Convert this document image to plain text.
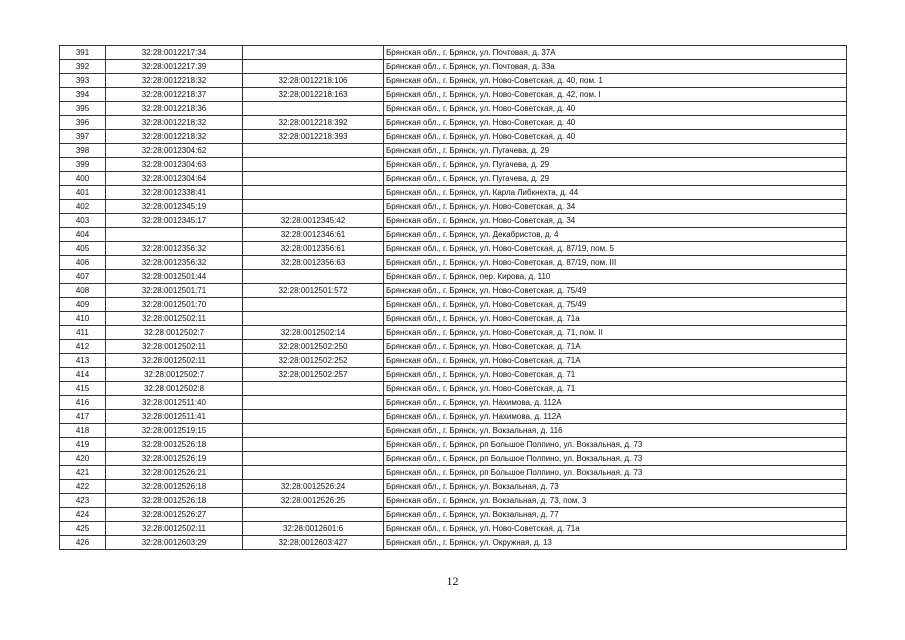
391	32:28:0012217:34		Брянская обл., г. Брянск, ул. Почтовая, д. 37А
392	32:28:0012217:39		Брянская обл., г. Брянск, ул. Почтовая, д. 33а
393	32:28:0012218:32	32:28:0012218:106	Брянская обл., г. Брянск, ул. Ново-Советская, д. 40, пом. 1
394	32:28:0012218:37	32:28:0012218:163	Брянская обл., г. Брянск, ул. Ново-Советская, д. 42, пом. I
395	32:28:0012218:36		Брянская обл., г. Брянск, ул. Ново-Советская, д. 40
396	32:28:0012218:32	32:28:0012218:392	Брянская обл., г. Брянск, ул. Ново-Советская, д. 40
397	32:28:0012218:32	32:28:0012218:393	Брянская обл., г. Брянск, ул. Ново-Советская, д. 40
398	32:28:0012304:62		Брянская обл., г. Брянск, ул. Пугачева, д. 29
399	32:28:0012304:63		Брянская обл., г. Брянск, ул. Пугачева, д. 29
400	32:28:0012304:64		Брянская обл., г. Брянск, ул. Пугачева, д. 29
401	32:28:0012338:41		Брянская обл., г. Брянск, ул. Карла Либкнехта, д. 44
402	32:28:0012345:19		Брянская обл., г. Брянск, ул. Ново-Советская, д. 34
403	32:28:0012345:17	32:28:0012345:42	Брянская обл., г. Брянск, ул. Ново-Советская, д. 34
404		32:28:0012346:61	Брянская обл., г. Брянск, ул. Декабристов, д. 4
405	32:28:0012356:32	32:28:0012356:61	Брянская обл., г. Брянск, ул. Ново-Советская, д. 87/19, пом. 5
406	32:28:0012356:32	32:28:0012356:63	Брянская обл., г. Брянск, ул. Ново-Советская, д. 87/19, пом. III
407	32:28:0012501:44		Брянская обл., г. Брянск, пер. Кирова, д. 110
408	32:28:0012501:71	32:28:0012501:572	Брянская обл., г. Брянск, ул. Ново-Советская, д. 75/49
409	32:28:0012501:70		Брянская обл., г. Брянск, ул. Ново-Советская, д. 75/49
410	32:28:0012502:11		Брянская обл., г. Брянск, ул. Ново-Советская, д. 71а
411	32:28:0012502:7	32:28:0012502:14	Брянская обл., г. Брянск, ул. Ново-Советская, д. 71, пом. II
412	32:28:0012502:11	32:28:0012502:250	Брянская обл., г. Брянск, ул. Ново-Советская, д. 71А
413	32:28:0012502:11	32:28:0012502:252	Брянская обл., г. Брянск, ул. Ново-Советская, д. 71А
414	32:28:0012502:7	32:28:0012502:257	Брянская обл., г. Брянск, ул. Ново-Советская, д. 71
415	32:28:0012502:8		Брянская обл., г. Брянск, ул. Ново-Советская, д. 71
416	32:28:0012511:40		Брянская обл., г. Брянск, ул. Нахимова, д. 112А
417	32:28:0012511:41		Брянская обл., г. Брянск, ул. Нахимова, д. 112А
418	32:28:0012519:15		Брянская обл., г. Брянск, ул. Вокзальная, д. 116
419	32:28:0012526:18		Брянская обл., г. Брянск, рп Большое Полпино, ул. Вокзальная, д. 73
420	32:28:0012526:19		Брянская обл., г. Брянск, рп Большое Полпино, ул. Вокзальная, д. 73
421	32:28:0012526:21		Брянская обл., г. Брянск, рп Большое Полпино, ул. Вокзальная, д. 73
422	32:28:0012526:18	32:28:0012526:24	Брянская обл., г. Брянск, ул. Вокзальная, д. 73
423	32:28:0012526:18	32:28:0012526:25	Брянская обл., г. Брянск, ул. Вокзальная, д. 73, пом. 3
424	32:28:0012526:27		Брянская обл., г. Брянск, ул. Вокзальная, д. 77
425	32:28:0012502:11	32:28:0012601:6	Брянская обл., г. Брянск, ул. Ново-Советская, д. 71а
426	32:28:0012603:29	32:28:0012603:427	Брянская обл., г. Брянск, ул. Окружная, д. 13
12
